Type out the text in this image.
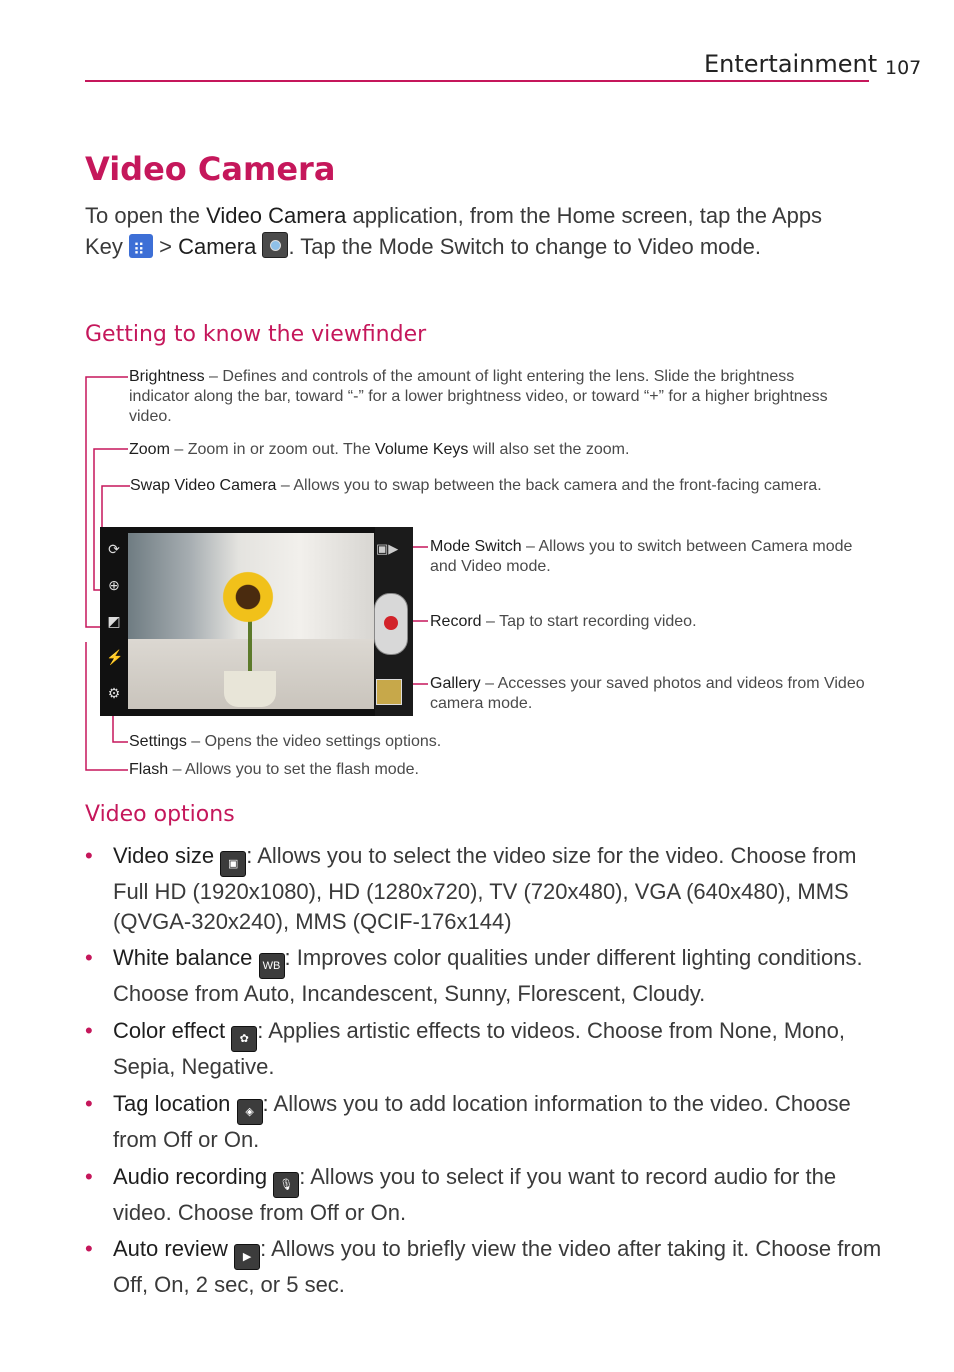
Entertainment 107
Video Camera
To open the Video Camera application, from the Home screen, tap the Apps Key ⠿ > Camera . Tap the Mode Switch to change to Video mode.
Getting to know the viewfinder
⟳
⊕
◩
⚡
⚙
▣▶
Brightness – Defines and controls of the amount of light entering the lens. Slide the brightness indicator along the bar, toward “-” for a lower brightness video, or toward “+” for a higher brightness video.
Zoom – Zoom in or zoom out. The Volume Keys will also set the zoom.
Swap Video Camera – Allows you to swap between the back camera and the front-facing camera.
Mode Switch – Allows you to switch between Camera mode and Video mode.
Record – Tap to start recording video.
Gallery – Accesses your saved photos and videos from Video camera mode.
Settings – Opens the video settings options.
Flash – Allows you to set the flash mode.
Video options
• Video size ▣ : Allows you to select the video size for the video. Choose from Full HD (1920x1080), HD (1280x720), TV (720x480), VGA (640x480), MMS (QVGA-320x240), MMS (QCIF-176x144)
• White balance WB : Improves color qualities under different lighting conditions. Choose from Auto, Incandescent, Sunny, Florescent, Cloudy.
• Color effect ✿ : Applies artistic effects to videos. Choose from None, Mono, Sepia, Negative.
• Tag location ◈ : Allows you to add location information to the video. Choose from Off or On.
• Audio recording 🎙 : Allows you to select if you want to record audio for the video. Choose from Off or On.
• Auto review ▶ : Allows you to briefly view the video after taking it. Choose from Off, On, 2 sec, or 5 sec.
